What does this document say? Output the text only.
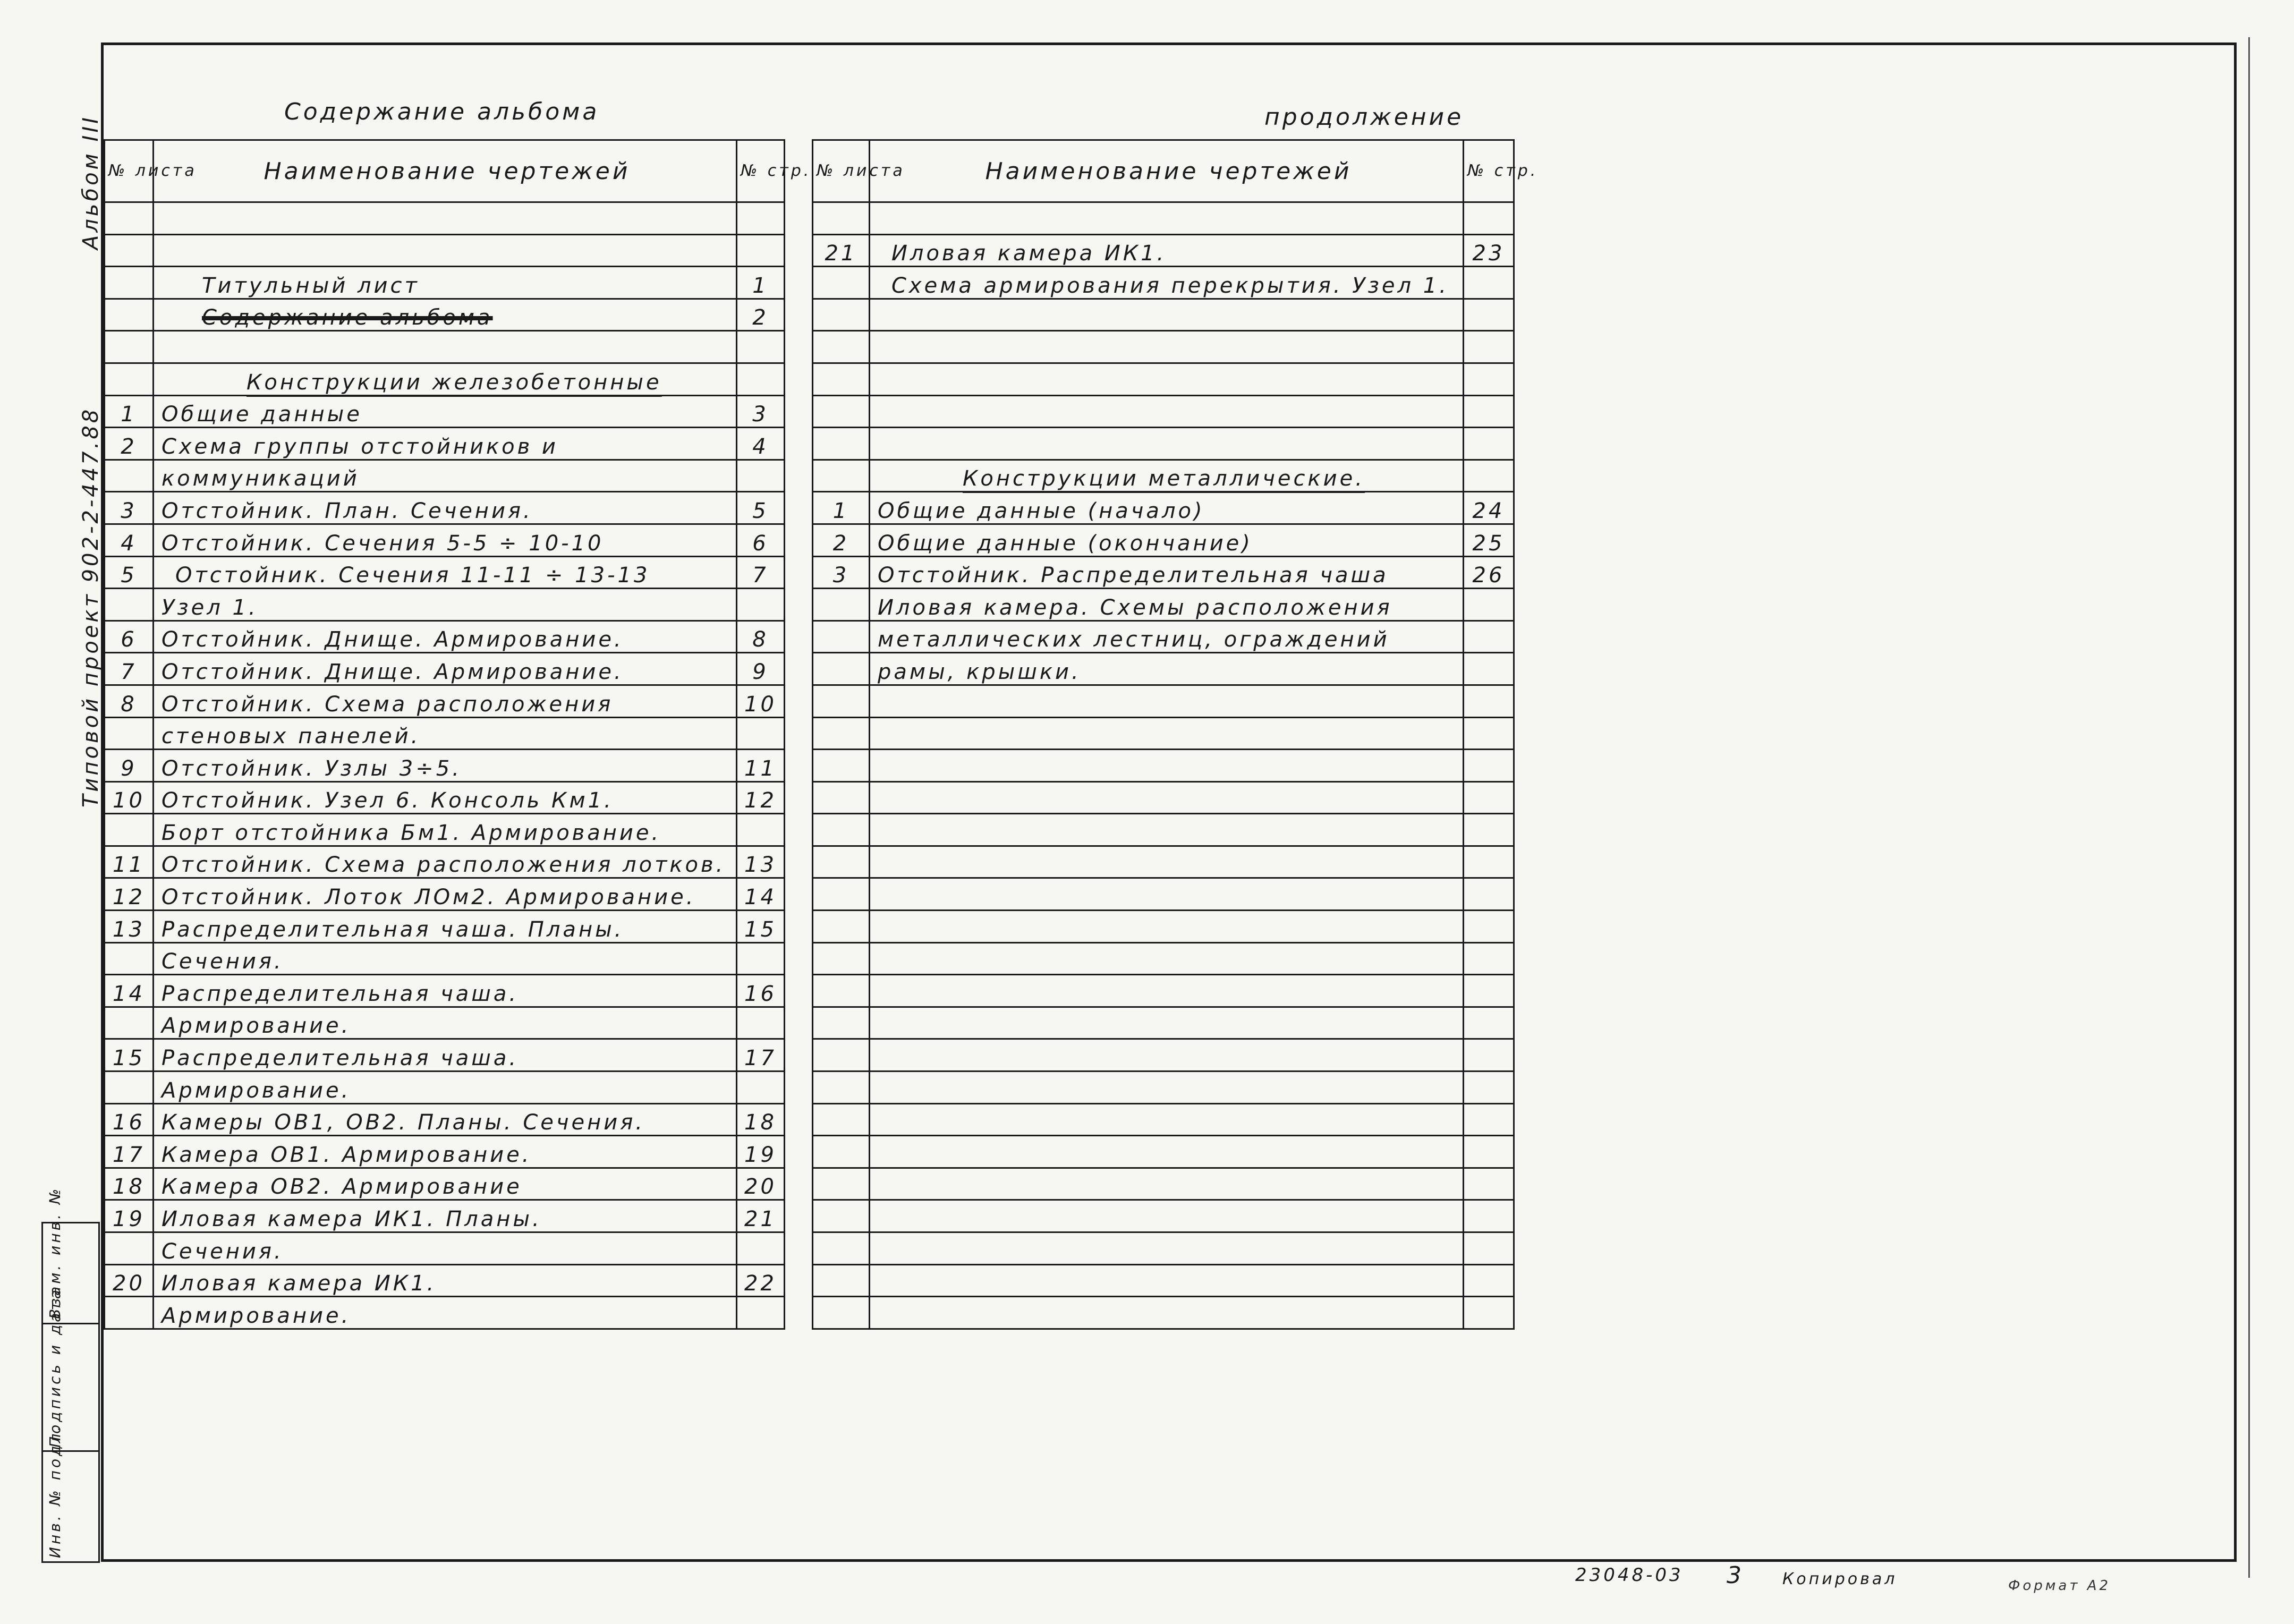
Альбом III
Типовой проект 902-2-447.88
Содержание альбома	продолжение
№ листа	Наименование чертежей	№ стр.

	Титульный лист	1
	Содержание альбома	2

	Конструкции железобетонные	
1	Общие данные	3
2	Схема группы отстойников и	4
	коммуникаций	
3	Отстойник. План. Сечения.	5
4	Отстойник. Сечения 5-5 ÷ 10-10	6
5	Отстойник. Сечения 11-11 ÷ 13-13	7
	Узел 1.	
6	Отстойник. Днище. Армирование.	8
7	Отстойник. Днище. Армирование.	9
8	Отстойник. Схема расположения	10
	стеновых панелей.	
9	Отстойник. Узлы 3÷5.	11
10	Отстойник. Узел 6. Консоль Км1.	12
	Борт отстойника Бм1. Армирование.	
11	Отстойник. Схема расположения лотков.	13
12	Отстойник. Лоток ЛОм2. Армирование.	14
13	Распределительная чаша. Планы.	15
	Сечения.	
14	Распределительная чаша.	16
	Армирование.	
15	Распределительная чаша.	17
	Армирование.	
16	Камеры ОВ1, ОВ2. Планы. Сечения.	18
17	Камера ОВ1. Армирование.	19
18	Камера ОВ2. Армирование	20
19	Иловая камера ИК1. Планы.	21
	Сечения.	
20	Иловая камера ИК1.	22
	Армирование.	
№ листа	Наименование чертежей	№ стр.

21	Иловая камера ИК1.	23
	Схема армирования перекрытия. Узел 1.	

	Конструкции металлические.	
1	Общие данные (начало)	24
2	Общие данные (окончание)	25
3	Отстойник. Распределительная чаша	26
	Иловая камера. Схемы расположения	
	металлических лестниц, ограждений	
	рамы, крышки.	

Инв. № подл.
Подпись и дата
Взам. инв. №
23048-03 3 Копировал	Формат А2
